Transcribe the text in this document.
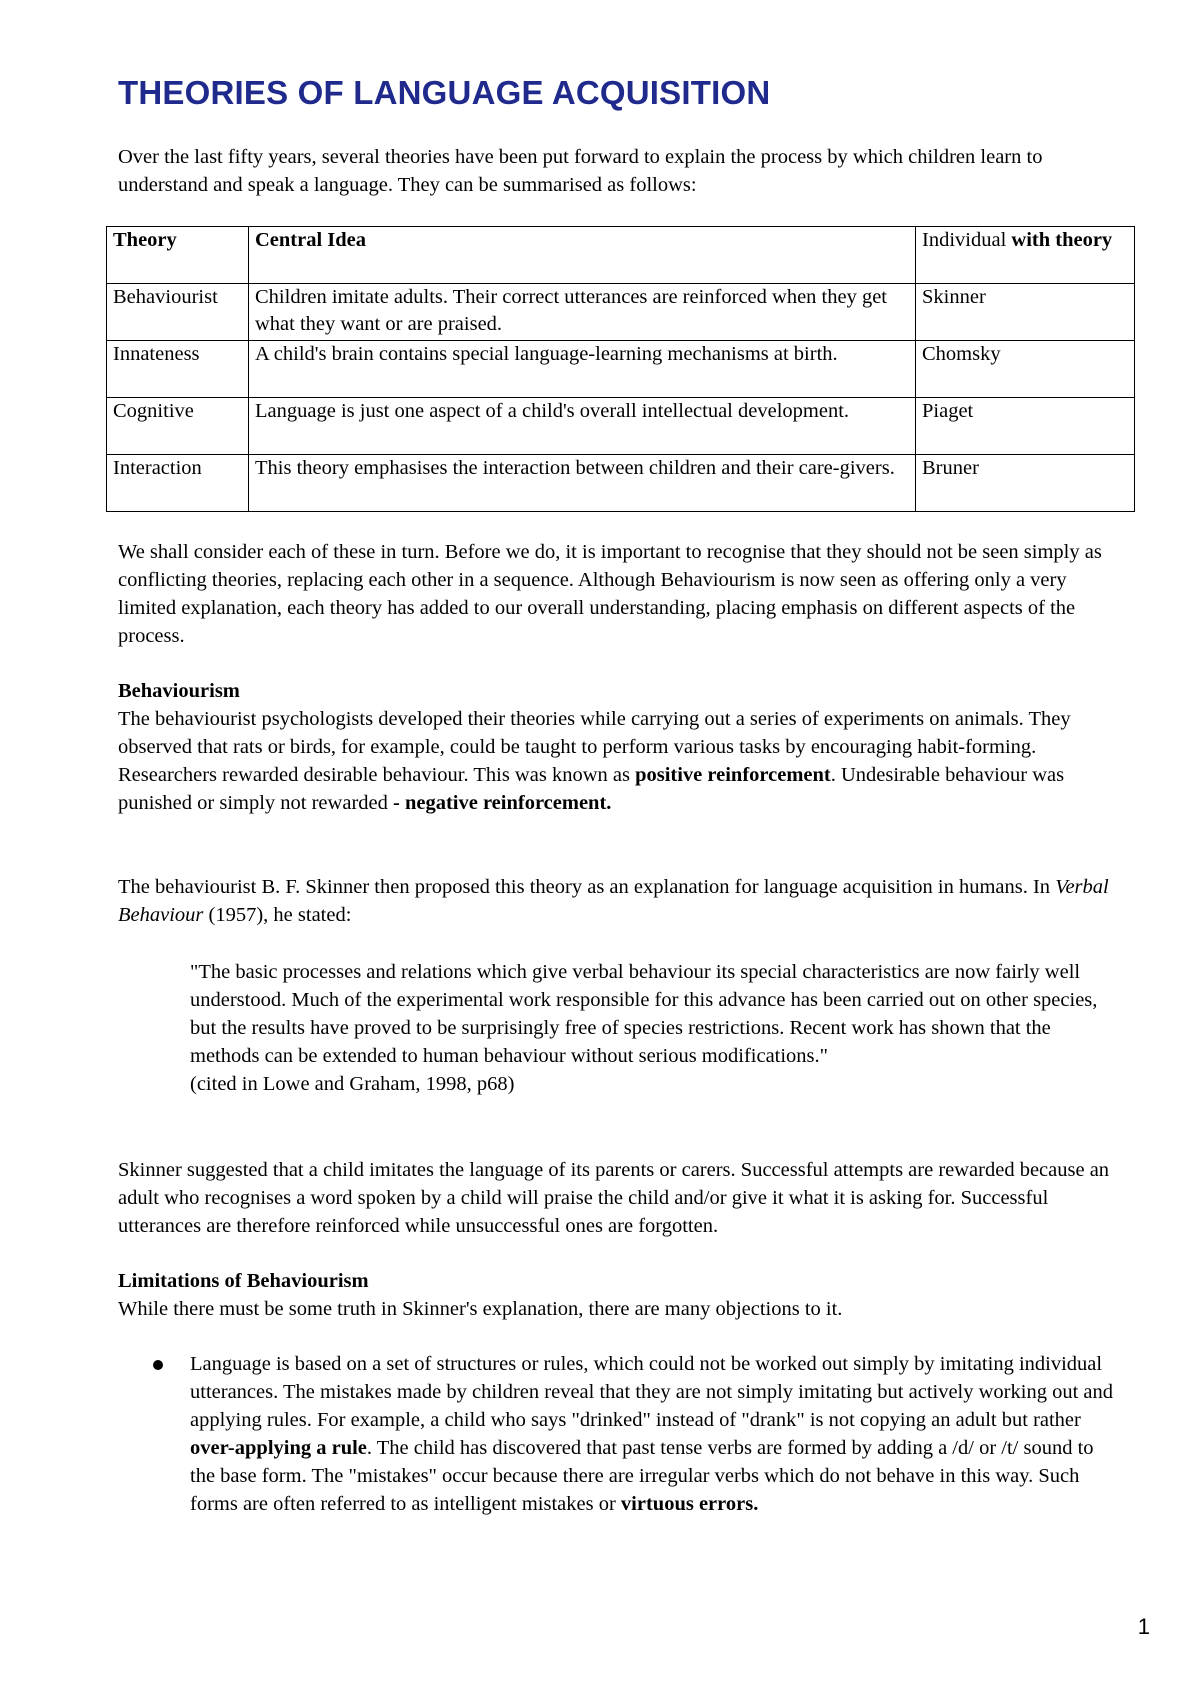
THEORIES OF LANGUAGE ACQUISITION

Over the last fifty years, several theories have been put forward to explain the process by which children learn to understand and speak a language. They can be summarised as follows:

Theory	Central Idea	Individual with theory
Behaviourist	Children imitate adults. Their correct utterances are reinforced when they get what they want or are praised.	Skinner
Innateness	A child's brain contains special language-learning mechanisms at birth.	Chomsky
Cognitive	Language is just one aspect of a child's overall intellectual development.	Piaget
Interaction	This theory emphasises the interaction between children and their care-givers.	Bruner

We shall consider each of these in turn. Before we do, it is important to recognise that they should not be seen simply as conflicting theories, replacing each other in a sequence. Although Behaviourism is now seen as offering only a very limited explanation, each theory has added to our overall understanding, placing emphasis on different aspects of the process.

Behaviourism

The behaviourist psychologists developed their theories while carrying out a series of experiments on animals. They observed that rats or birds, for example, could be taught to perform various tasks by encouraging habit-forming. Researchers rewarded desirable behaviour. This was known as positive reinforcement. Undesirable behaviour was punished or simply not rewarded - negative reinforcement.

The behaviourist B. F. Skinner then proposed this theory as an explanation for language acquisition in humans. In Verbal Behaviour (1957), he stated:

"The basic processes and relations which give verbal behaviour its special characteristics are now fairly well understood. Much of the experimental work responsible for this advance has been carried out on other species, but the results have proved to be surprisingly free of species restrictions. Recent work has shown that the methods can be extended to human behaviour without serious modifications."
(cited in Lowe and Graham, 1998, p68)

Skinner suggested that a child imitates the language of its parents or carers. Successful attempts are rewarded because an adult who recognises a word spoken by a child will praise the child and/or give it what it is asking for. Successful utterances are therefore reinforced while unsuccessful ones are forgotten.

Limitations of Behaviourism

While there must be some truth in Skinner's explanation, there are many objections to it.

Language is based on a set of structures or rules, which could not be worked out simply by imitating individual utterances. The mistakes made by children reveal that they are not simply imitating but actively working out and applying rules. For example, a child who says "drinked" instead of "drank" is not copying an adult but rather over-applying a rule. The child has discovered that past tense verbs are formed by adding a /d/ or /t/ sound to the base form. The "mistakes" occur because there are irregular verbs which do not behave in this way. Such forms are often referred to as intelligent mistakes or virtuous errors.
1
